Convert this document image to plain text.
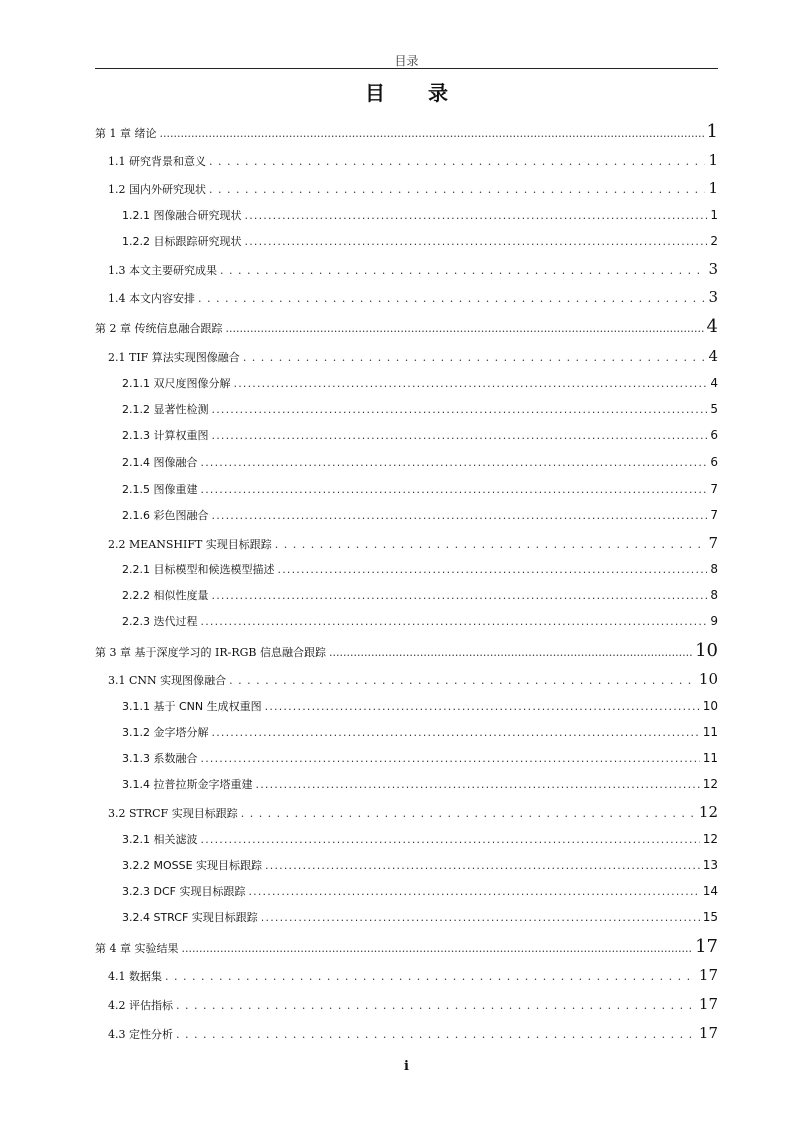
目录
目 录
第 1 章 绪论 .....	1
1.1 研究背景和意义 . . .	1
1.2 国内外研究现状 . . .	1
1.2.1 图像融合研究现状 .....	1
1.2.2 目标跟踪研究现状 .....	2
1.3 本文主要研究成果 . . .	3
1.4 本文内容安排 . . .	3
第 2 章 传统信息融合跟踪 .....	4
2.1 TIF 算法实现图像融合 . . .	4
2.1.1 双尺度图像分解 .....	4
2.1.2 显著性检测 .....	5
2.1.3 计算权重图 .....	6
2.1.4 图像融合 .....	6
2.1.5 图像重建 .....	7
2.1.6 彩色图融合 .....	7
2.2 MEANSHIFT 实现目标跟踪 . . .	7
2.2.1 目标模型和候选模型描述 .....	8
2.2.2 相似性度量 .....	8
2.2.3 迭代过程 .....	9
第 3 章 基于深度学习的 IR-RGB 信息融合跟踪 .....	10
3.1 CNN 实现图像融合 . . .	10
3.1.1 基于 CNN 生成权重图 .....	10
3.1.2 金字塔分解 .....	11
3.1.3 系数融合 .....	11
3.1.4 拉普拉斯金字塔重建 .....	12
3.2 STRCF 实现目标跟踪 . . .	12
3.2.1 相关滤波 .....	12
3.2.2 MOSSE 实现目标跟踪 .....	13
3.2.3 DCF 实现目标跟踪 .....	14
3.2.4 STRCF 实现目标跟踪 .....	15
第 4 章 实验结果 .....	17
4.1 数据集 . . .	17
4.2 评估指标 . . .	17
4.3 定性分析 . . .	17
i
